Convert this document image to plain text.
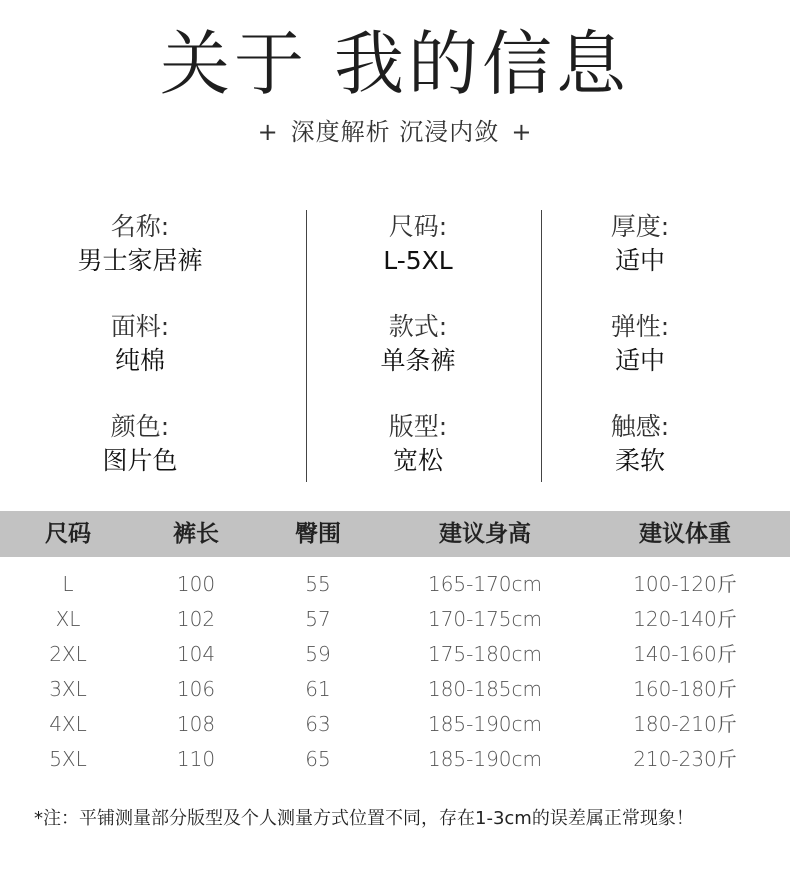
关于 我的信息
+ 深度解析 沉浸内敛 +
名称:
男士家居裤
面料:
纯棉
颜色:
图片色
尺码:
L-5XL
款式:
单条裤
版型:
宽松
厚度:
适中
弹性:
适中
触感:
柔软
尺码	裤长	臀围	建议身高	建议体重
L	100	55	165-170cm	100-120斤
XL	102	57	170-175cm	120-140斤
2XL	104	59	175-180cm	140-160斤
3XL	106	61	180-185cm	160-180斤
4XL	108	63	185-190cm	180-210斤
5XL	110	65	185-190cm	210-230斤
*注：平铺测量部分版型及个人测量方式位置不同，存在1-3cm的误差属正常现象！
